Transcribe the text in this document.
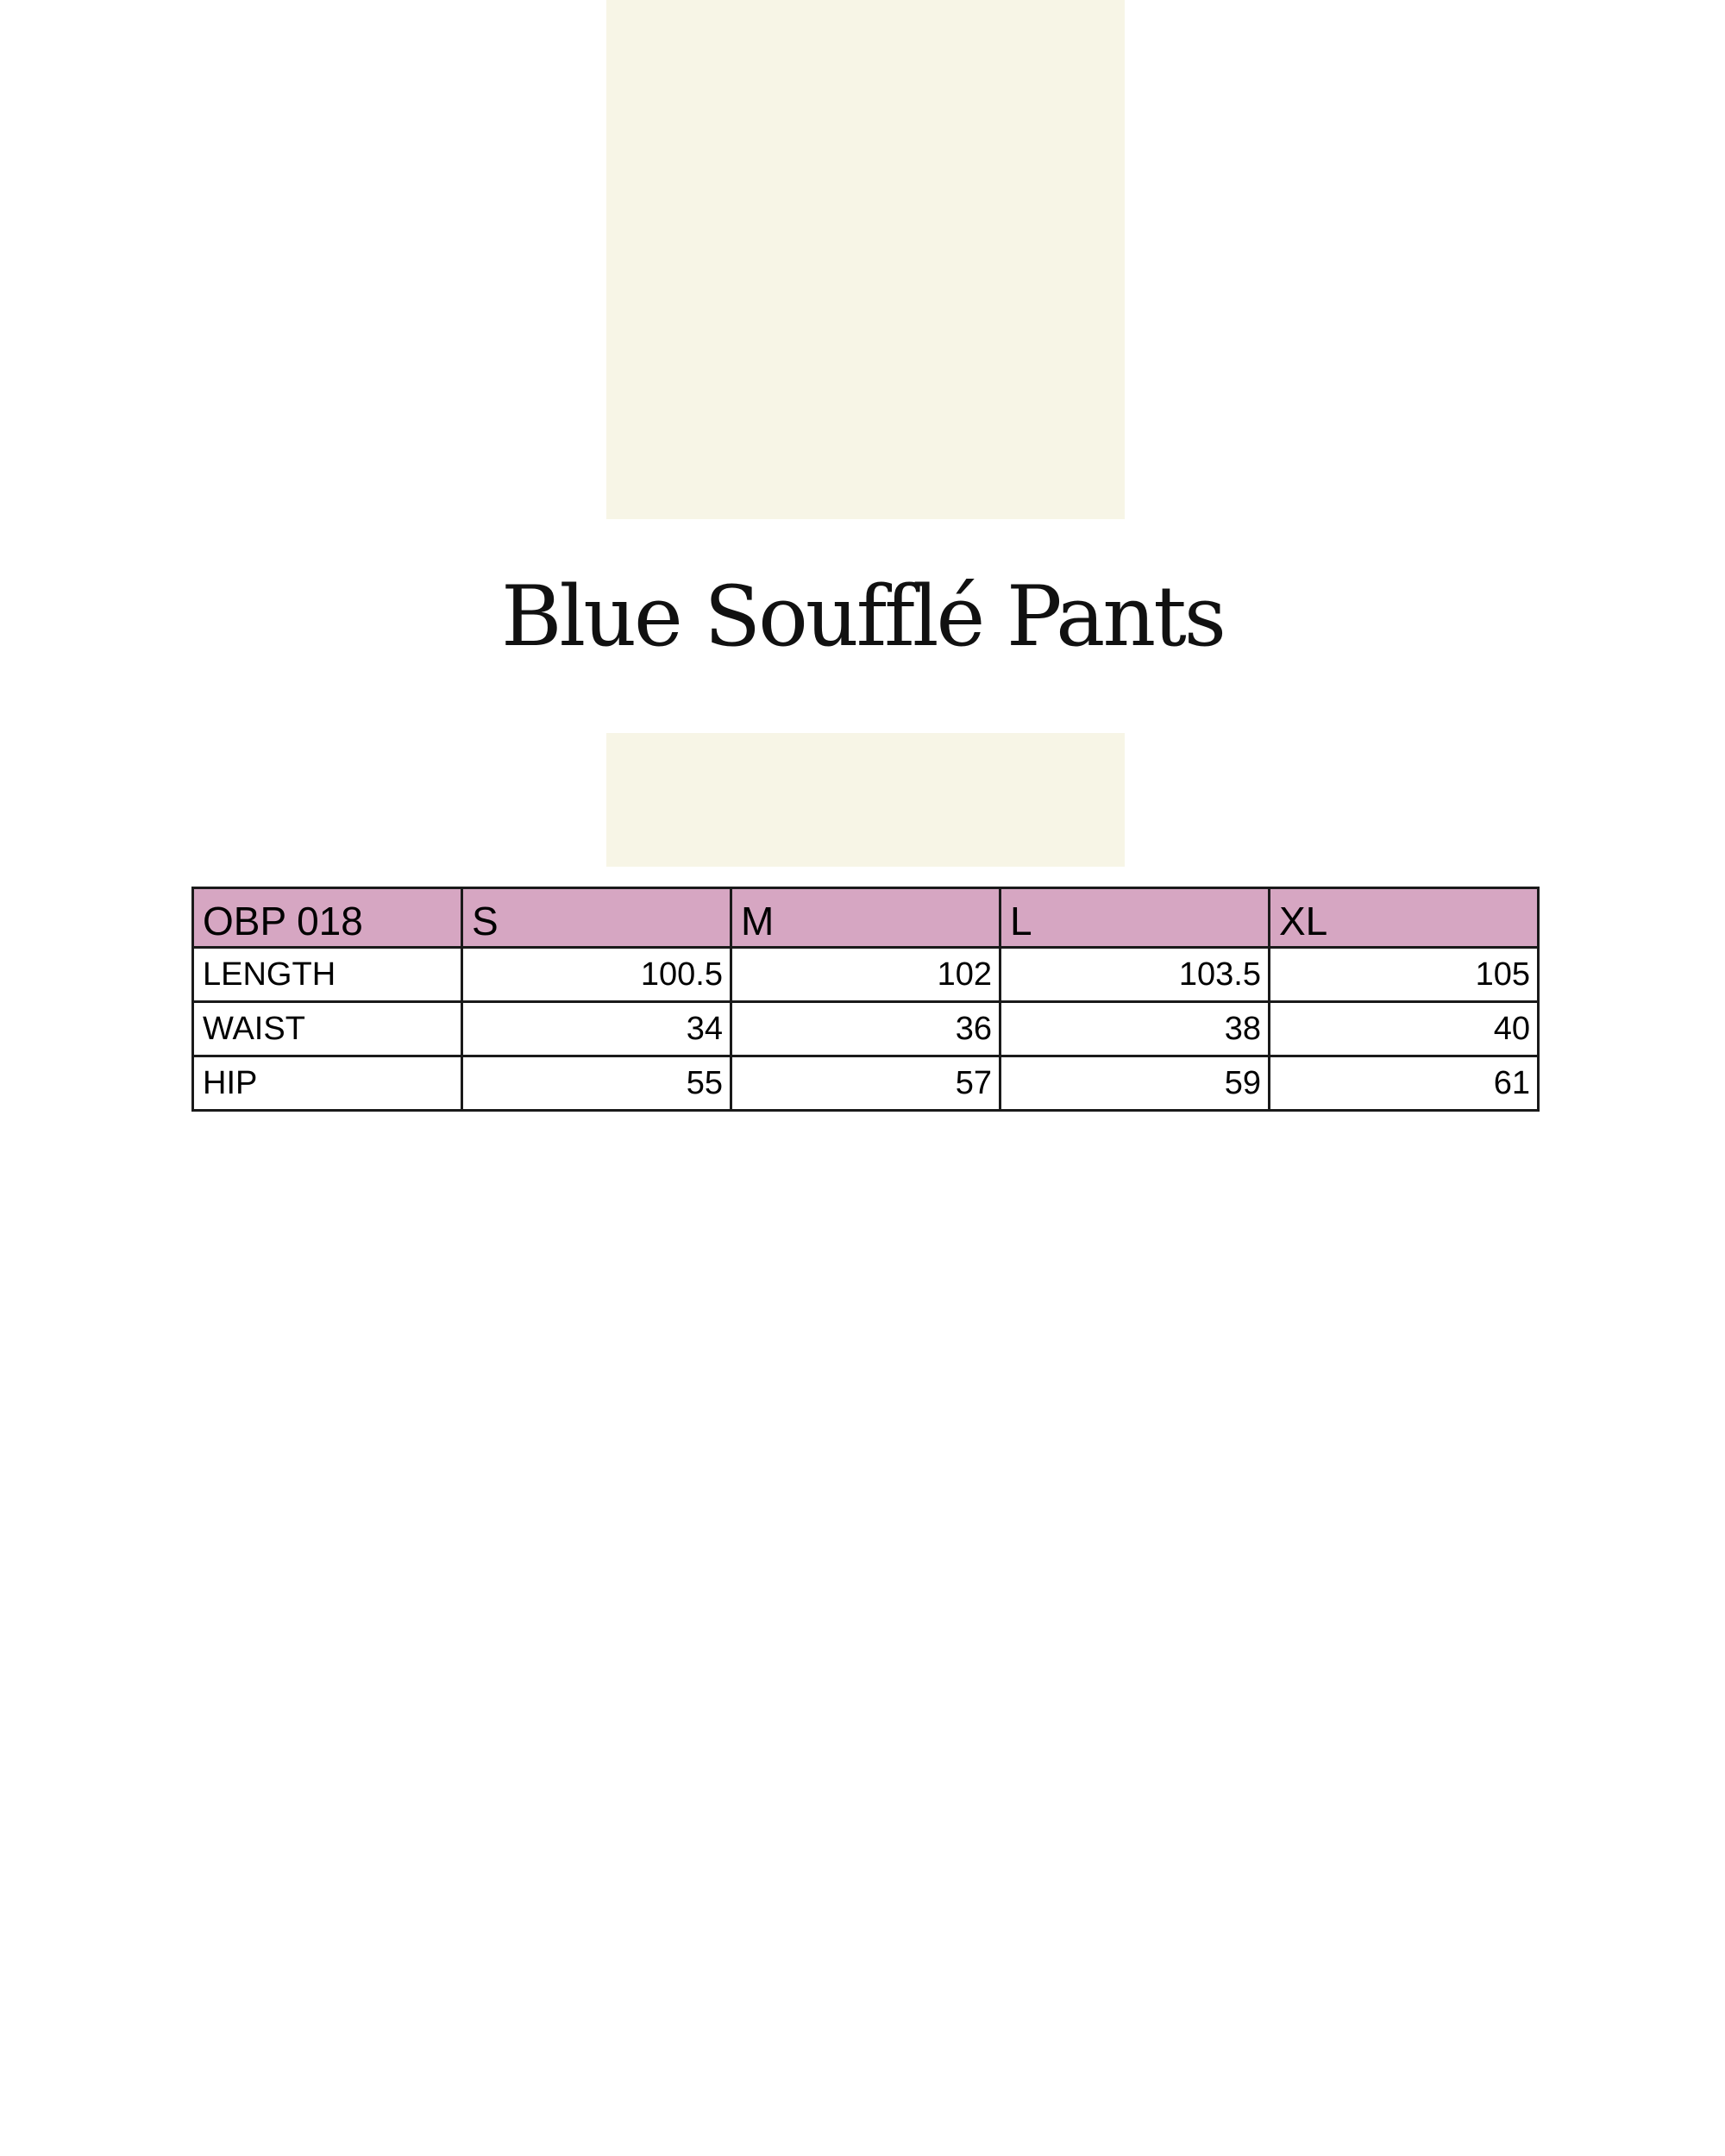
Blue Soufflé Pants
OBP 018	S	M	L	XL
LENGTH	100.5	102	103.5	105
WAIST	34	36	38	40
HIP	55	57	59	61
